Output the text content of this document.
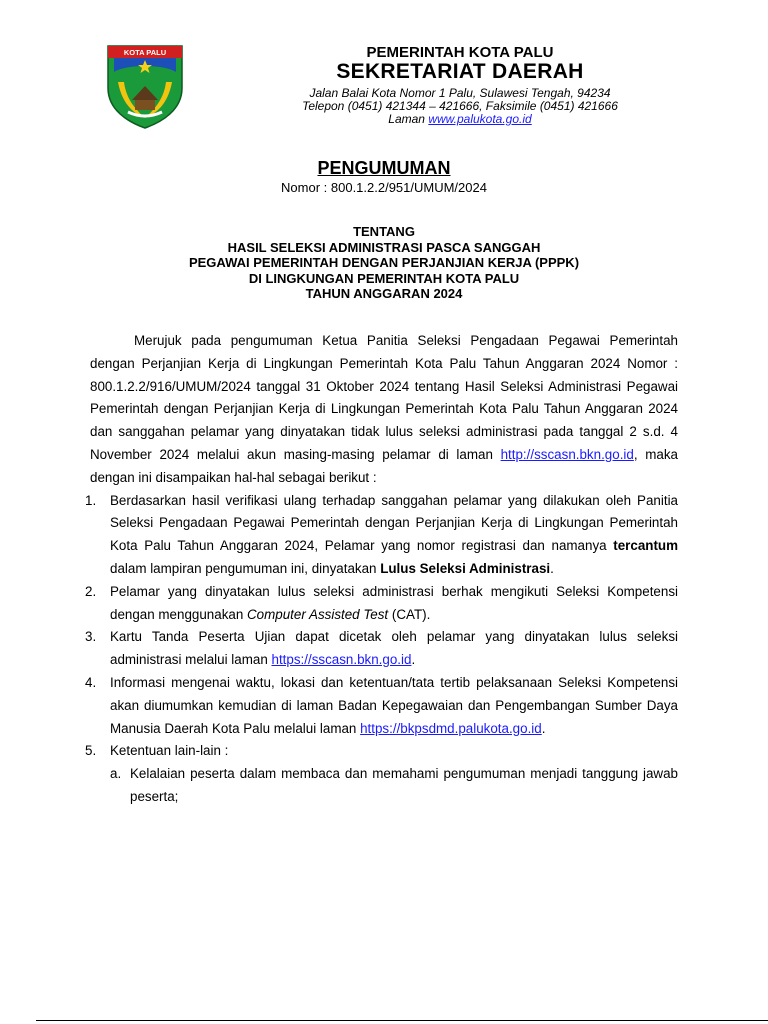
KOTA PALU	PEMERINTAH KOTA PALU
SEKRETARIAT DAERAH
Jalan Balai Kota Nomor 1 Palu, Sulawesi Tengah, 94234
Telepon (0451) 421344 – 421666, Faksimile (0451) 421666
Laman www.palukota.go.id
PENGUMUMAN
Nomor : 800.1.2.2/951/UMUM/2024
TENTANG
HASIL SELEKSI ADMINISTRASI PASCA SANGGAH
PEGAWAI PEMERINTAH DENGAN PERJANJIAN KERJA (PPPK)
DI LINGKUNGAN PEMERINTAH KOTA PALU
TAHUN ANGGARAN 2024

Merujuk pada pengumuman Ketua Panitia Seleksi Pengadaan Pegawai Pemerintah dengan Perjanjian Kerja di Lingkungan Pemerintah Kota Palu Tahun Anggaran 2024 Nomor : 800.1.2.2/916/UMUM/2024 tanggal 31 Oktober 2024 tentang Hasil Seleksi Administrasi Pegawai Pemerintah dengan Perjanjian Kerja di Lingkungan Pemerintah Kota Palu Tahun Anggaran 2024 dan sanggahan pelamar yang dinyatakan tidak lulus seleksi administrasi pada tanggal 2 s.d. 4 November 2024 melalui akun masing-masing pelamar di laman http://sscasn.bkn.go.id, maka dengan ini disampaikan hal-hal sebagai berikut :

1. Berdasarkan hasil verifikasi ulang terhadap sanggahan pelamar yang dilakukan oleh Panitia Seleksi Pengadaan Pegawai Pemerintah dengan Perjanjian Kerja di Lingkungan Pemerintah Kota Palu Tahun Anggaran 2024, Pelamar yang nomor registrasi dan namanya tercantum dalam lampiran pengumuman ini, dinyatakan Lulus Seleksi Administrasi.
2. Pelamar yang dinyatakan lulus seleksi administrasi berhak mengikuti Seleksi Kompetensi dengan menggunakan Computer Assisted Test (CAT).
3. Kartu Tanda Peserta Ujian dapat dicetak oleh pelamar yang dinyatakan lulus seleksi administrasi melalui laman https://sscasn.bkn.go.id.
4. Informasi mengenai waktu, lokasi dan ketentuan/tata tertib pelaksanaan Seleksi Kompetensi akan diumumkan kemudian di laman Badan Kepegawaian dan Pengembangan Sumber Daya Manusia Daerah Kota Palu melalui laman https://bkpsdmd.palukota.go.id.
5. Ketentuan lain-lain :
a. Kelalaian peserta dalam membaca dan memahami pengumuman menjadi tanggung jawab peserta;
